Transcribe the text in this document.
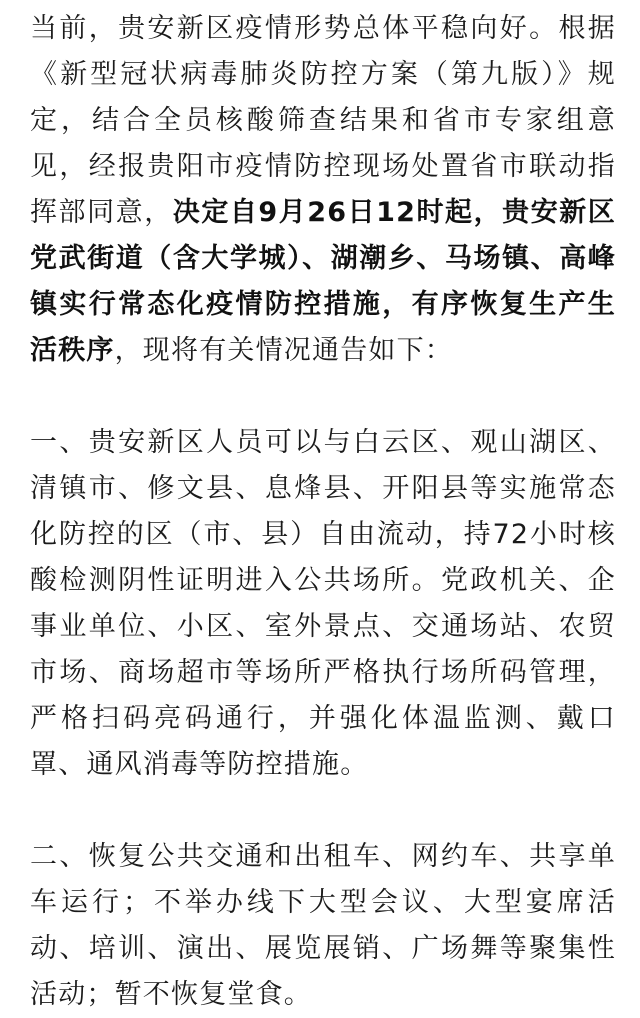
当前，贵安新区疫情形势总体平稳向好。根据《新型冠状病毒肺炎防控方案（第九版）》规定，结合全员核酸筛查结果和省市专家组意见，经报贵阳市疫情防控现场处置省市联动指挥部同意，决定自9月26日12时起，贵安新区党武街道（含大学城）、湖潮乡、马场镇、高峰镇实行常态化疫情防控措施，有序恢复生产生活秩序，现将有关情况通告如下：

一、贵安新区人员可以与白云区、观山湖区、清镇市、修文县、息烽县、开阳县等实施常态化防控的区（市、县）自由流动，持72小时核酸检测阴性证明进入公共场所。党政机关、企事业单位、小区、室外景点、交通场站、农贸市场、商场超市等场所严格执行场所码管理，严格扫码亮码通行，并强化体温监测、戴口罩、通风消毒等防控措施。

二、恢复公共交通和出租车、网约车、共享单车运行；不举办线下大型会议、大型宴席活动、培训、演出、展览展销、广场舞等聚集性活动；暂不恢复堂食。
